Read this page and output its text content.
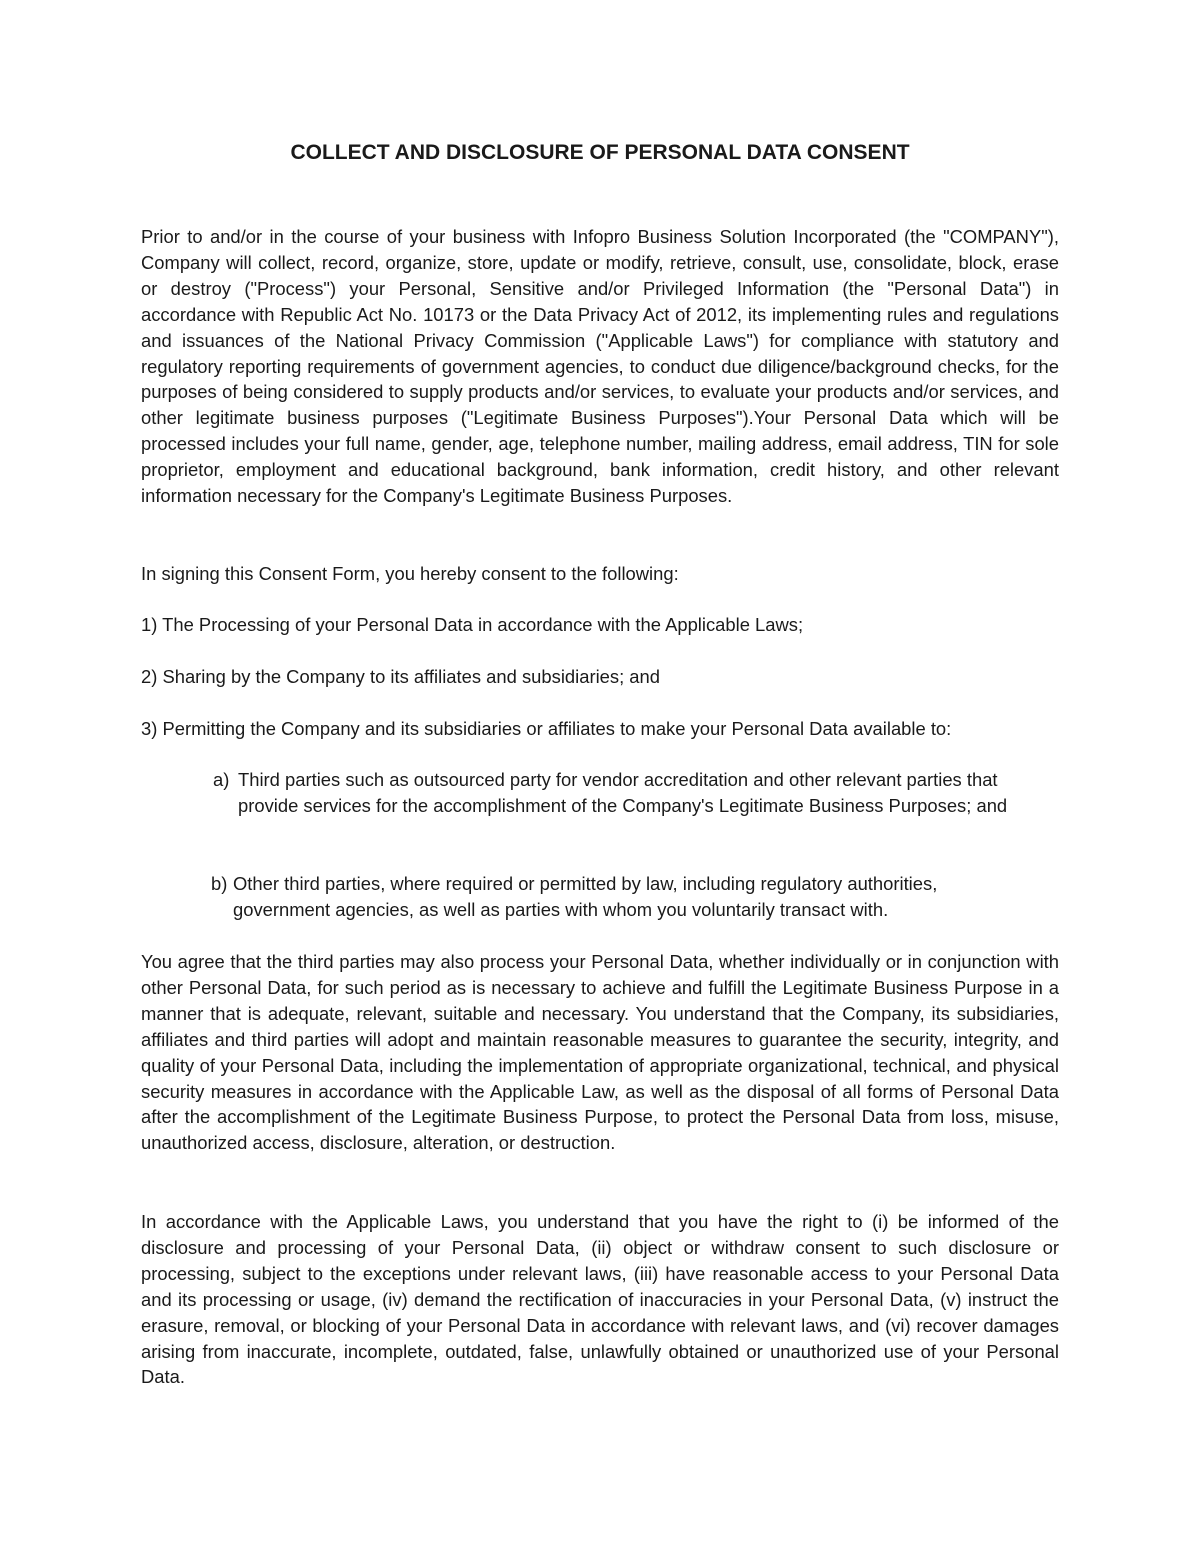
COLLECT AND DISCLOSURE OF PERSONAL DATA CONSENT

Prior to and/or in the course of your business with Infopro Business Solution Incorporated (the "COMPANY"), Company will collect, record, organize, store, update or modify, retrieve, consult, use, consolidate, block, erase or destroy ("Process") your Personal, Sensitive and/or Privileged Information (the "Personal Data") in accordance with Republic Act No. 10173 or the Data Privacy Act of 2012, its implementing rules and regulations and issuances of the National Privacy Commission ("Applicable Laws") for compliance with statutory and regulatory reporting requirements of government agencies, to conduct due diligence/background checks, for the purposes of being considered to supply products and/or services, to evaluate your products and/or services, and other legitimate business purposes ("Legitimate Business Purposes").Your Personal Data which will be processed includes your full name, gender, age, telephone number, mailing address, email address, TIN for sole proprietor, employment and educational background, bank information, credit history, and other relevant information necessary for the Company's Legitimate Business Purposes.

In signing this Consent Form, you hereby consent to the following:

1) The Processing of your Personal Data in accordance with the Applicable Laws;

2) Sharing by the Company to its affiliates and subsidiaries; and

3) Permitting the Company and its subsidiaries or affiliates to make your Personal Data available to:

a) Third parties such as outsourced party for vendor accreditation and other relevant parties that provide services for the accomplishment of the Company's Legitimate Business Purposes; and
b) Other third parties, where required or permitted by law, including regulatory authorities, government agencies, as well as parties with whom you voluntarily transact with.

You agree that the third parties may also process your Personal Data, whether individually or in conjunction with other Personal Data, for such period as is necessary to achieve and fulfill the Legitimate Business Purpose in a manner that is adequate, relevant, suitable and necessary. You understand that the Company, its subsidiaries, affiliates and third parties will adopt and maintain reasonable measures to guarantee the security, integrity, and quality of your Personal Data, including the implementation of appropriate organizational, technical, and physical security measures in accordance with the Applicable Law, as well as the disposal of all forms of Personal Data after the accomplishment of the Legitimate Business Purpose, to protect the Personal Data from loss, misuse, unauthorized access, disclosure, alteration, or destruction.

In accordance with the Applicable Laws, you understand that you have the right to (i) be informed of the disclosure and processing of your Personal Data, (ii) object or withdraw consent to such disclosure or processing, subject to the exceptions under relevant laws, (iii) have reasonable access to your Personal Data and its processing or usage, (iv) demand the rectification of inaccuracies in your Personal Data, (v) instruct the erasure, removal, or blocking of your Personal Data in accordance with relevant laws, and (vi) recover damages arising from inaccurate, incomplete, outdated, false, unlawfully obtained or unauthorized use of your Personal Data.
